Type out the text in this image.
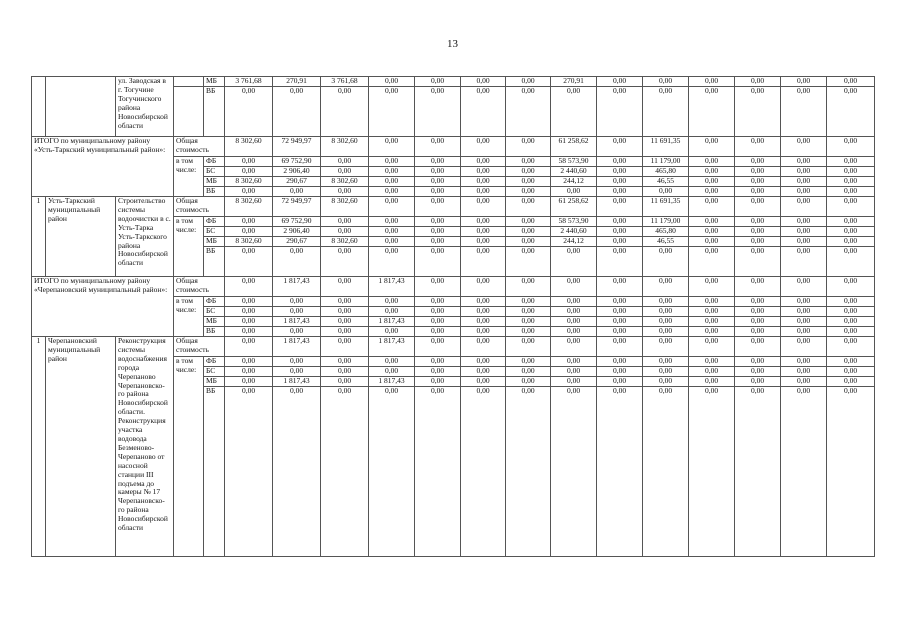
13
		ул. Заводская в г. Тогучине Тогучинского района Новосибирской области		МБ	3 761,68	270,91	3 761,68	0,00	0,00	0,00	0,00	270,91	0,00	0,00	0,00	0,00	0,00	0,00
				ВБ	0,00	0,00	0,00	0,00	0,00	0,00	0,00	0,00	0,00	0,00	0,00	0,00	0,00	0,00
ИТОГО по муниципальному району «Усть-Таркский муниципальный район»:			Общая стоимость		8 302,60	72 949,97	8 302,60	0,00	0,00	0,00	0,00	61 258,62	0,00	11 691,35	0,00	0,00	0,00	0,00
			в том числе:	ФБ	0,00	69 752,90	0,00	0,00	0,00	0,00	0,00	58 573,90	0,00	11 179,00	0,00	0,00	0,00	0,00
				БС	0,00	2 906,40	0,00	0,00	0,00	0,00	0,00	2 440,60	0,00	465,80	0,00	0,00	0,00	0,00
				МБ	8 302,60	290,67	8 302,60	0,00	0,00	0,00	0,00	244,12	0,00	46,55	0,00	0,00	0,00	0,00
				ВБ	0,00	0,00	0,00	0,00	0,00	0,00	0,00	0,00	0,00	0,00	0,00	0,00	0,00	0,00
1	Усть-Таркский муниципальный район	Строительство системы водоочистки в с. Усть-Тарка Усть-Таркского района Новосибирской области	Общая стоимость		8 302,60	72 949,97	8 302,60	0,00	0,00	0,00	0,00	61 258,62	0,00	11 691,35	0,00	0,00	0,00	0,00
			в том числе:	ФБ	0,00	69 752,90	0,00	0,00	0,00	0,00	0,00	58 573,90	0,00	11 179,00	0,00	0,00	0,00	0,00
				БС	0,00	2 906,40	0,00	0,00	0,00	0,00	0,00	2 440,60	0,00	465,80	0,00	0,00	0,00	0,00
				МБ	8 302,60	290,67	8 302,60	0,00	0,00	0,00	0,00	244,12	0,00	46,55	0,00	0,00	0,00	0,00
				ВБ	0,00	0,00	0,00	0,00	0,00	0,00	0,00	0,00	0,00	0,00	0,00	0,00	0,00	0,00
ИТОГО по муниципальному району «Черепановский муниципальный район»:			Общая стоимость		0,00	1 817,43	0,00	1 817,43	0,00	0,00	0,00	0,00	0,00	0,00	0,00	0,00	0,00	0,00
			в том числе:	ФБ	0,00	0,00	0,00	0,00	0,00	0,00	0,00	0,00	0,00	0,00	0,00	0,00	0,00	0,00
				БС	0,00	0,00	0,00	0,00	0,00	0,00	0,00	0,00	0,00	0,00	0,00	0,00	0,00	0,00
				МБ	0,00	1 817,43	0,00	1 817,43	0,00	0,00	0,00	0,00	0,00	0,00	0,00	0,00	0,00	0,00
				ВБ	0,00	0,00	0,00	0,00	0,00	0,00	0,00	0,00	0,00	0,00	0,00	0,00	0,00	0,00
1	Черепановский муниципальный район	Реконструкция системы водоснабжения города Черепаново Черепановско-го района Новосибирской области. Реконструкция участка водовода Безменово-Черепаново от насосной станции III подъема до камеры № 17 Черепановско-го района Новосибирской области	Общая стоимость		0,00	1 817,43	0,00	1 817,43	0,00	0,00	0,00	0,00	0,00	0,00	0,00	0,00	0,00	0,00
			в том числе:	ФБ	0,00	0,00	0,00	0,00	0,00	0,00	0,00	0,00	0,00	0,00	0,00	0,00	0,00	0,00
				БС	0,00	0,00	0,00	0,00	0,00	0,00	0,00	0,00	0,00	0,00	0,00	0,00	0,00	0,00
				МБ	0,00	1 817,43	0,00	1 817,43	0,00	0,00	0,00	0,00	0,00	0,00	0,00	0,00	0,00	0,00
				ВБ	0,00	0,00	0,00	0,00	0,00	0,00	0,00	0,00	0,00	0,00	0,00	0,00	0,00	0,00
